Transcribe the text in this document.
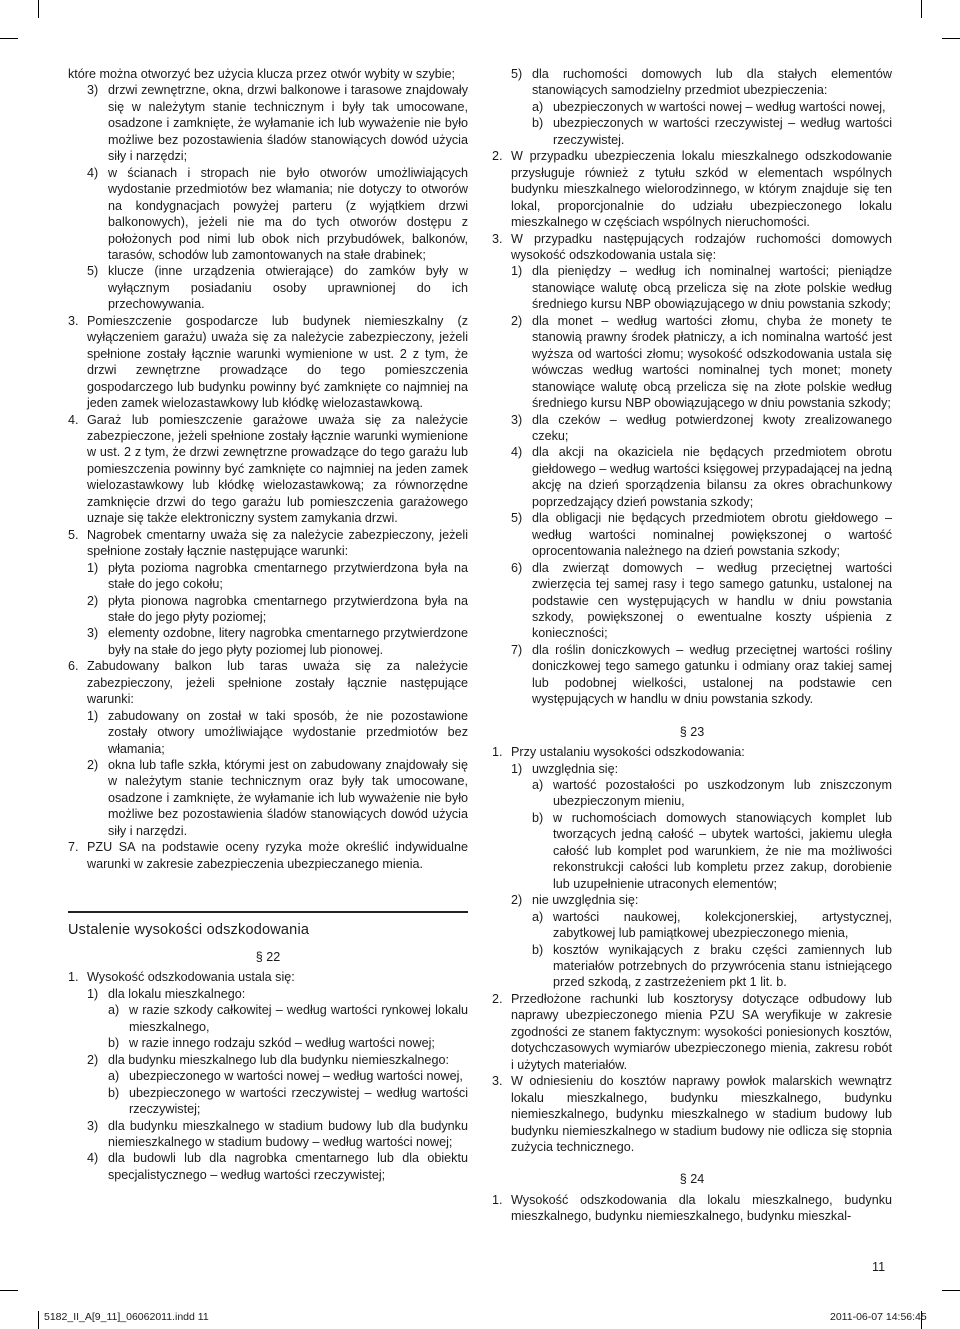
które można otworzyć bez użycia klucza przez otwór wybity w szybie;
3) drzwi zewnętrzne, okna, drzwi balkonowe i tarasowe znajdowały się w należytym stanie technicznym i były tak umocowane, osadzone i zamknięte, że wyłamanie ich lub wyważenie nie było możliwe bez pozostawienia śladów stanowiących dowód użycia siły i narzędzi;
4) w ścianach i stropach nie było otworów umożliwiających wydostanie przedmiotów bez włamania; nie dotyczy to otworów na kondygnacjach powyżej parteru (z wyjątkiem drzwi balkonowych), jeżeli nie ma do tych otworów dostępu z położonych pod nimi lub obok nich przybudówek, balkonów, tarasów, schodów lub zamontowanych na stałe drabinek;
5) klucze (inne urządzenia otwierające) do zamków były w wyłącznym posiadaniu osoby uprawnionej do ich przechowywania.
3. Pomieszczenie gospodarcze lub budynek niemieszkalny (z wyłączeniem garażu) uważa się za należycie zabezpieczony, jeżeli spełnione zostały łącznie warunki wymienione w ust. 2 z tym, że drzwi zewnętrzne prowadzące do tego pomieszczenia gospodarczego lub budynku powinny być zamknięte co najmniej na jeden zamek wielozastawkowy lub kłódkę wielozastawkową.
4. Garaż lub pomieszczenie garażowe uważa się za należycie zabezpieczone, jeżeli spełnione zostały łącznie warunki wymienione w ust. 2 z tym, że drzwi zewnętrzne prowadzące do tego garażu lub pomieszczenia powinny być zamknięte co najmniej na jeden zamek wielozastawkowy lub kłódkę wielozastawkową; za równorzędne zamknięcie drzwi do tego garażu lub pomieszczenia garażowego uznaje się także elektroniczny system zamykania drzwi.
5. Nagrobek cmentarny uważa się za należycie zabezpieczony, jeżeli spełnione zostały łącznie następujące warunki:
1) płyta pozioma nagrobka cmentarnego przytwierdzona była na stałe do jego cokołu;
2) płyta pionowa nagrobka cmentarnego przytwierdzona była na stałe do jego płyty poziomej;
3) elementy ozdobne, litery nagrobka cmentarnego przytwierdzone były na stałe do jego płyty poziomej lub pionowej.
6. Zabudowany balkon lub taras uważa się za należycie zabezpieczony, jeżeli spełnione zostały łącznie następujące warunki:
1) zabudowany on został w taki sposób, że nie pozostawione zostały otwory umożliwiające wydostanie przedmiotów bez włamania;
2) okna lub tafle szkła, którymi jest on zabudowany znajdowały się w należytym stanie technicznym oraz były tak umocowane, osadzone i zamknięte, że wyłamanie ich lub wyważenie nie było możliwe bez pozostawienia śladów stanowiących dowód użycia siły i narzędzi.
7. PZU SA na podstawie oceny ryzyka może określić indywidualne warunki w zakresie zabezpieczenia ubezpieczanego mienia.
Ustalenie wysokości odszkodowania

§ 22

1. Wysokość odszkodowania ustala się:
1) dla lokalu mieszkalnego:
a) w razie szkody całkowitej – według wartości rynkowej lokalu mieszkalnego,
b) w razie innego rodzaju szkód – według wartości nowej;
2) dla budynku mieszkalnego lub dla budynku niemieszkalnego:
a) ubezpieczonego w wartości nowej – według wartości nowej,
b) ubezpieczonego w wartości rzeczywistej – według wartości rzeczywistej;
3) dla budynku mieszkalnego w stadium budowy lub dla budynku niemieszkalnego w stadium budowy – według wartości nowej;
4) dla budowli lub dla nagrobka cmentarnego lub dla obiektu specjalistycznego – według wartości rzeczywistej;
5) dla ruchomości domowych lub dla stałych elementów stanowiących samodzielny przedmiot ubezpieczenia:
a) ubezpieczonych w wartości nowej – według wartości nowej,
b) ubezpieczonych w wartości rzeczywistej – według wartości rzeczywistej.
2. W przypadku ubezpieczenia lokalu mieszkalnego odszkodowanie przysługuje również z tytułu szkód w elementach wspólnych budynku mieszkalnego wielorodzinnego, w którym znajduje się ten lokal, proporcjonalnie do udziału ubezpieczonego lokalu mieszkalnego w częściach wspólnych nieruchomości.
3. W przypadku następujących rodzajów ruchomości domowych wysokość odszkodowania ustala się:
1) dla pieniędzy – według ich nominalnej wartości; pieniądze stanowiące walutę obcą przelicza się na złote polskie według średniego kursu NBP obowiązującego w dniu powstania szkody;
2) dla monet – według wartości złomu, chyba że monety te stanowią prawny środek płatniczy, a ich nominalna wartość jest wyższa od wartości złomu; wysokość odszkodowania ustala się wówczas według wartości nominalnej tych monet; monety stanowiące walutę obcą przelicza się na złote polskie według średniego kursu NBP obowiązującego w dniu powstania szkody;
3) dla czeków – według potwierdzonej kwoty zrealizowanego czeku;
4) dla akcji na okaziciela nie będących przedmiotem obrotu giełdowego – według wartości księgowej przypadającej na jedną akcję na dzień sporządzenia bilansu za okres obrachunkowy poprzedzający dzień powstania szkody;
5) dla obligacji nie będących przedmiotem obrotu giełdowego – według wartości nominalnej powiększonej o wartość oprocentowania należnego na dzień powstania szkody;
6) dla zwierząt domowych – według przeciętnej wartości zwierzęcia tej samej rasy i tego samego gatunku, ustalonej na podstawie cen występujących w handlu w dniu powstania szkody, powiększonej o ewentualne koszty uśpienia z konieczności;
7) dla roślin doniczkowych – według przeciętnej wartości rośliny doniczkowej tego samego gatunku i odmiany oraz takiej samej lub podobnej wielkości, ustalonej na podstawie cen występujących w handlu w dniu powstania szkody.

§ 23

1. Przy ustalaniu wysokości odszkodowania:
1) uwzględnia się:
a) wartość pozostałości po uszkodzonym lub zniszczonym ubezpieczonym mieniu,
b) w ruchomościach domowych stanowiących komplet lub tworzących jedną całość – ubytek wartości, jakiemu uległa całość lub komplet pod warunkiem, że nie ma możliwości rekonstrukcji całości lub kompletu przez zakup, dorobienie lub uzupełnienie utraconych elementów;
2) nie uwzględnia się:
a) wartości naukowej, kolekcjonerskiej, artystycznej, zabytkowej lub pamiątkowej ubezpieczonego mienia,
b) kosztów wynikających z braku części zamiennych lub materiałów potrzebnych do przywrócenia stanu istniejącego przed szkodą, z zastrzeżeniem pkt 1 lit. b.
2. Przedłożone rachunki lub kosztorysy dotyczące odbudowy lub naprawy ubezpieczonego mienia PZU SA weryfikuje w zakresie zgodności ze stanem faktycznym: wysokości poniesionych kosztów, dotychczasowych wymiarów ubezpieczonego mienia, zakresu robót i użytych materiałów.
3. W odniesieniu do kosztów naprawy powłok malarskich wewnątrz lokalu mieszkalnego, budynku mieszkalnego, budynku niemieszkalnego, budynku mieszkalnego w stadium budowy lub budynku niemieszkalnego w stadium budowy nie odlicza się stopnia zużycia technicznego.

§ 24

1. Wysokość odszkodowania dla lokalu mieszkalnego, budynku mieszkalnego, budynku niemieszkalnego, budynku mieszkal-
11
5182_II_A[9_11]_06062011.indd 11	2011-06-07 14:56:45
